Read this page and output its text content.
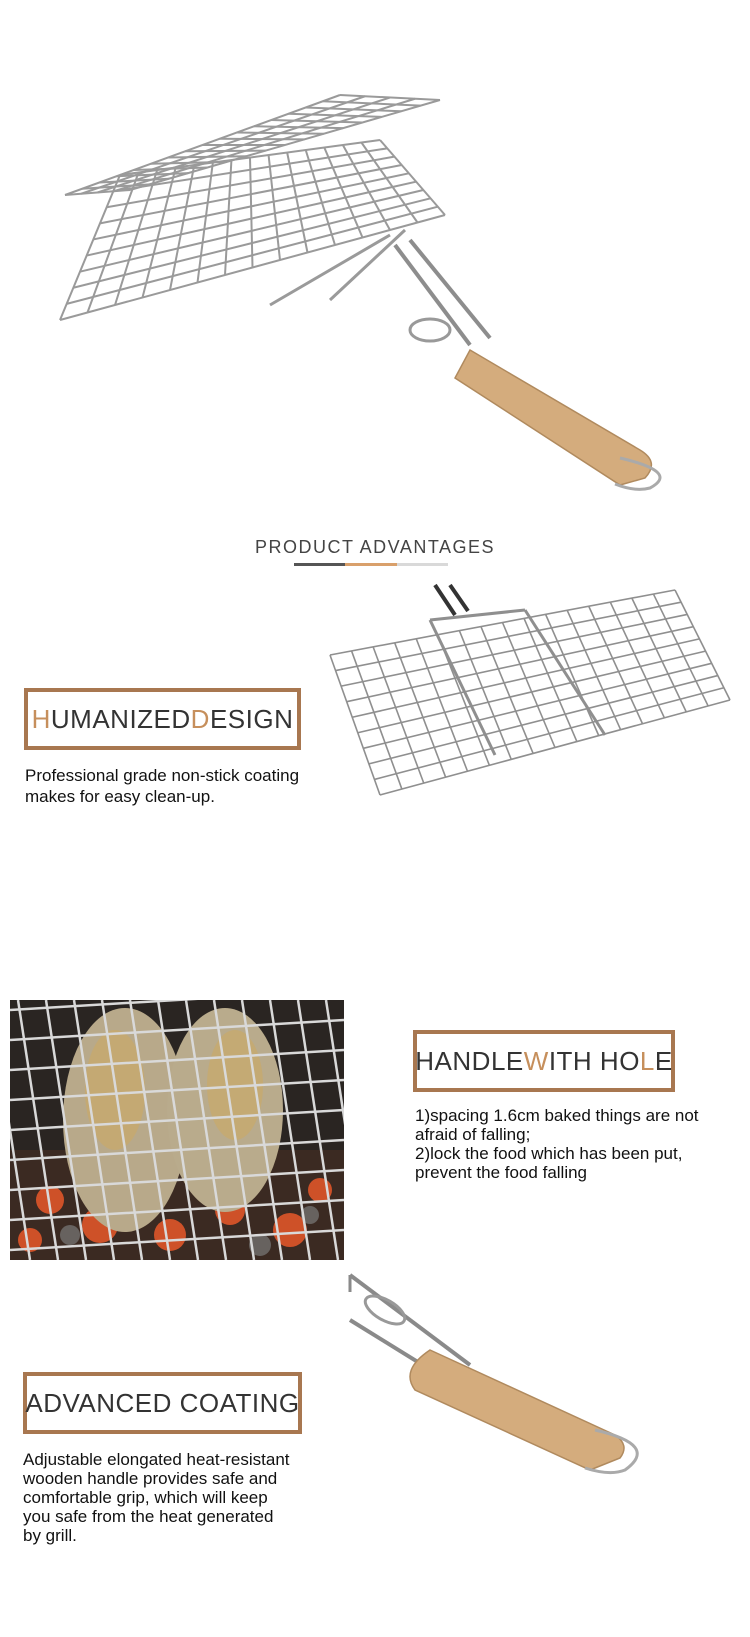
PRODUCT ADVANTAGES
H UMANIZED D ESIGN
Professional grade non-stick coating makes for easy clean-up.
HANDLE W ITH HO L E
1)spacing 1.6cm baked things are not afraid of falling;
2)lock the food which has been put, prevent the food falling
ADVANCED COATING
Adjustable elongated heat-resistant wooden handle provides safe and comfortable grip, which will keep you safe from the heat generated by grill.
